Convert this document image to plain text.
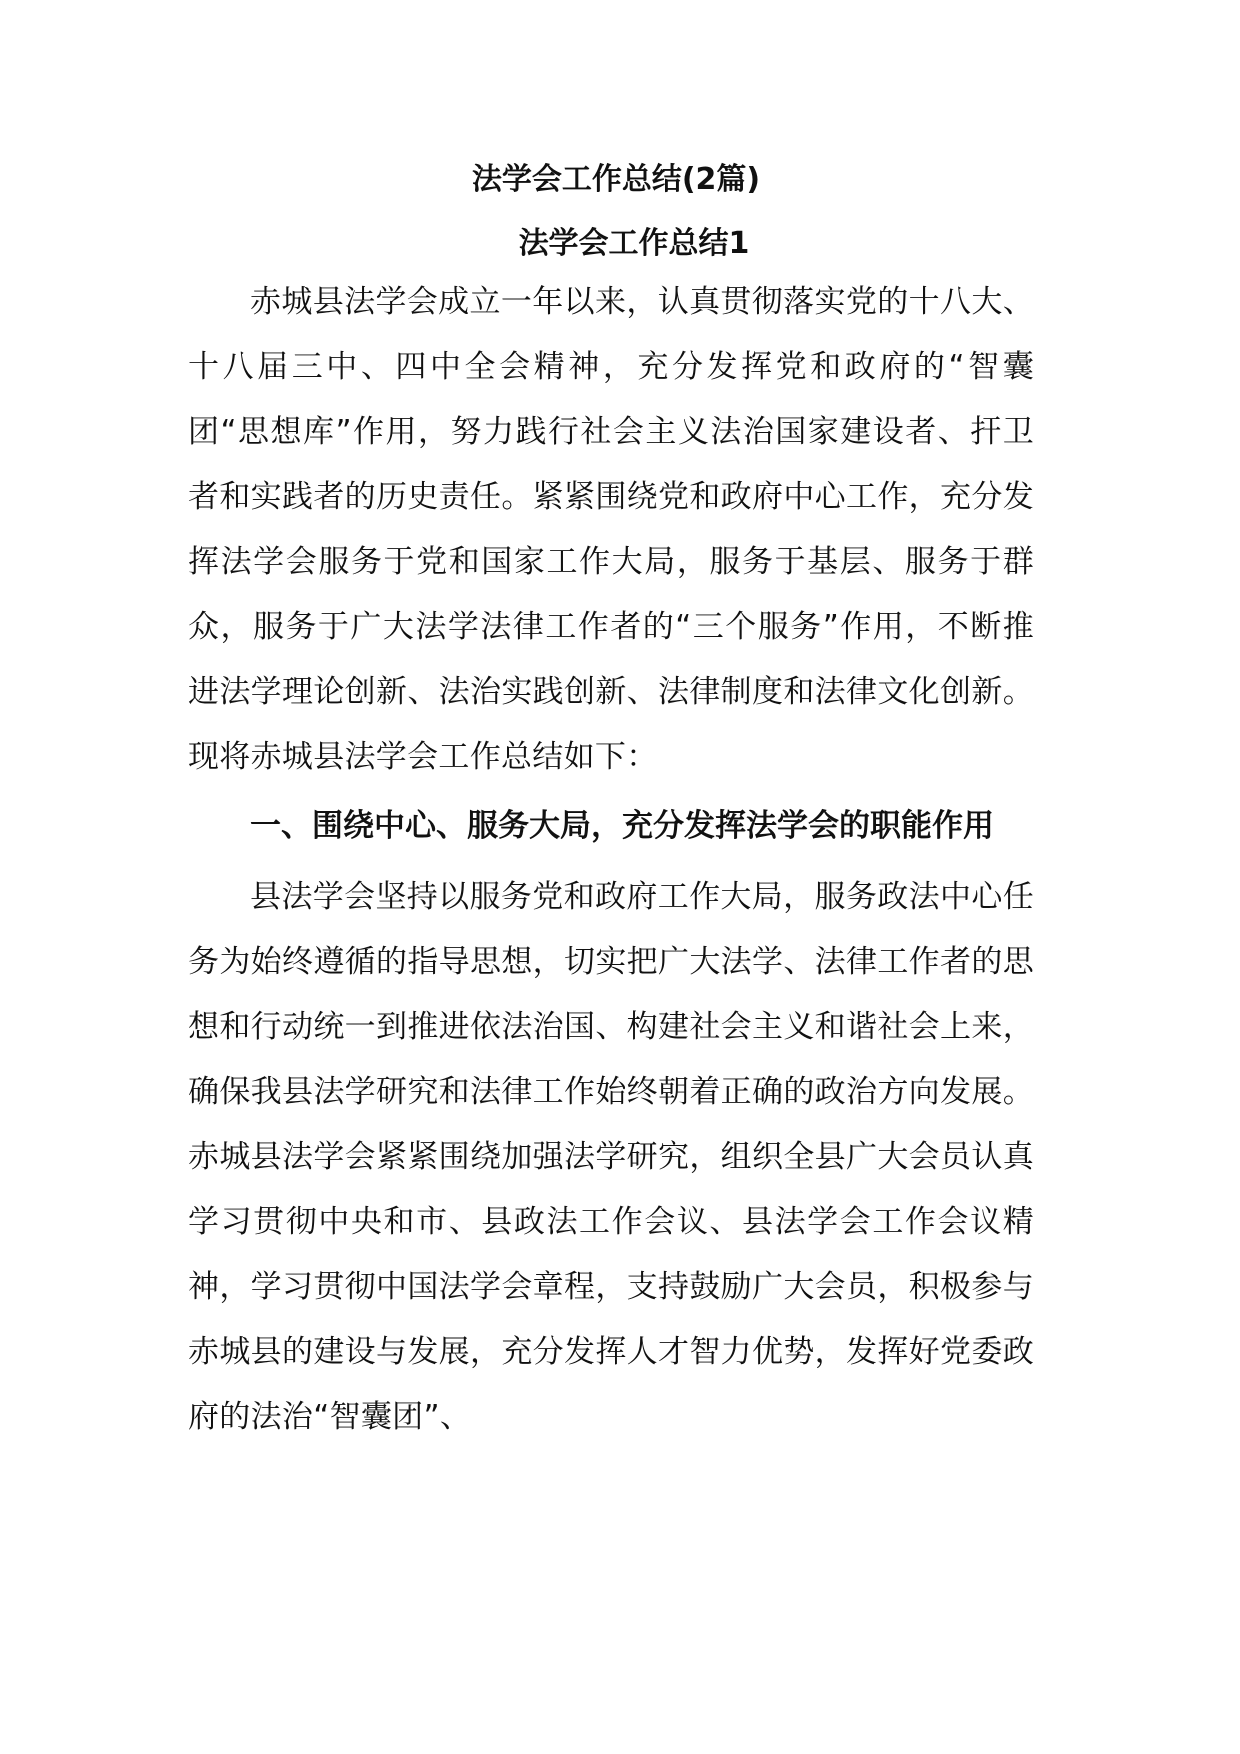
法学会工作总结(2篇)
法学会工作总结1

赤城县法学会成立一年以来，认真贯彻落实党的十八大、十八届三中、四中全会精神，充分发挥党和政府的“智囊团“思想库”作用，努力践行社会主义法治国家建设者、扞卫者和实践者的历史责任。紧紧围绕党和政府中心工作，充分发挥法学会服务于党和国家工作大局，服务于基层、服务于群众，服务于广大法学法律工作者的“三个服务”作用，不断推进法学理论创新、法治实践创新、法律制度和法律文化创新。现将赤城县法学会工作总结如下：

一、围绕中心、服务大局，充分发挥法学会的职能作用

县法学会坚持以服务党和政府工作大局，服务政法中心任务为始终遵循的指导思想，切实把广大法学、法律工作者的思想和行动统一到推进依法治国、构建社会主义和谐社会上来，确保我县法学研究和法律工作始终朝着正确的政治方向发展。赤城县法学会紧紧围绕加强法学研究，组织全县广大会员认真学习贯彻中央和市、县政法工作会议、县法学会工作会议精神，学习贯彻中国法学会章程，支持鼓励广大会员，积极参与赤城县的建设与发展，充分发挥人才智力优势，发挥好党委政府的法治“智囊团”、
